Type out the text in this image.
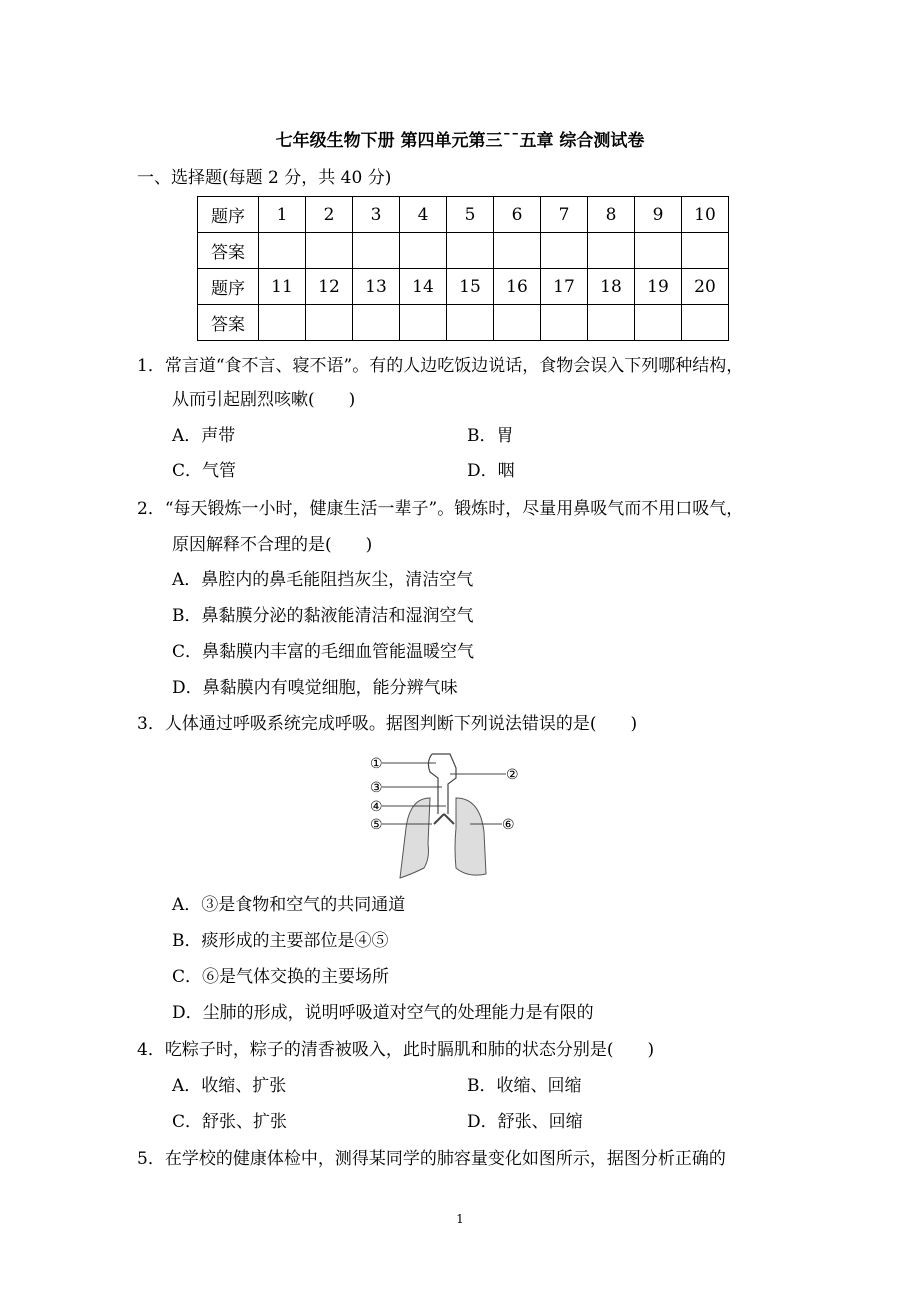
七年级生物下册 第四单元第三¯¯五章 综合测试卷
一、选择题(每题 2 分，共 40 分)
题序	1	2	3	4	5	6	7	8	9	10
答案										
题序	11	12	13	14	15	16	17	18	19	20
答案										
1．常言道“食不言、寝不语”。有的人边吃饭边说话，食物会误入下列哪种结构，
从而引起剧烈咳嗽(　　)
A．声带	B．胃
C．气管	D．咽
2．“每天锻炼一小时，健康生活一辈子”。锻炼时，尽量用鼻吸气而不用口吸气，
原因解释不合理的是(　　)
A．鼻腔内的鼻毛能阻挡灰尘，清洁空气
B．鼻黏膜分泌的黏液能清洁和湿润空气
C．鼻黏膜内丰富的毛细血管能温暖空气
D．鼻黏膜内有嗅觉细胞，能分辨气味
3．人体通过呼吸系统完成呼吸。据图判断下列说法错误的是(　　)
①
②
③
④
⑤	⑥
A．③是食物和空气的共同通道
B．痰形成的主要部位是④⑤
C．⑥是气体交换的主要场所
D．尘肺的形成，说明呼吸道对空气的处理能力是有限的
4．吃粽子时，粽子的清香被吸入，此时膈肌和肺的状态分别是(　　)
A．收缩、扩张	B．收缩、回缩
C．舒张、扩张	D．舒张、回缩
5．在学校的健康体检中，测得某同学的肺容量变化如图所示，据图分析正确的
1
